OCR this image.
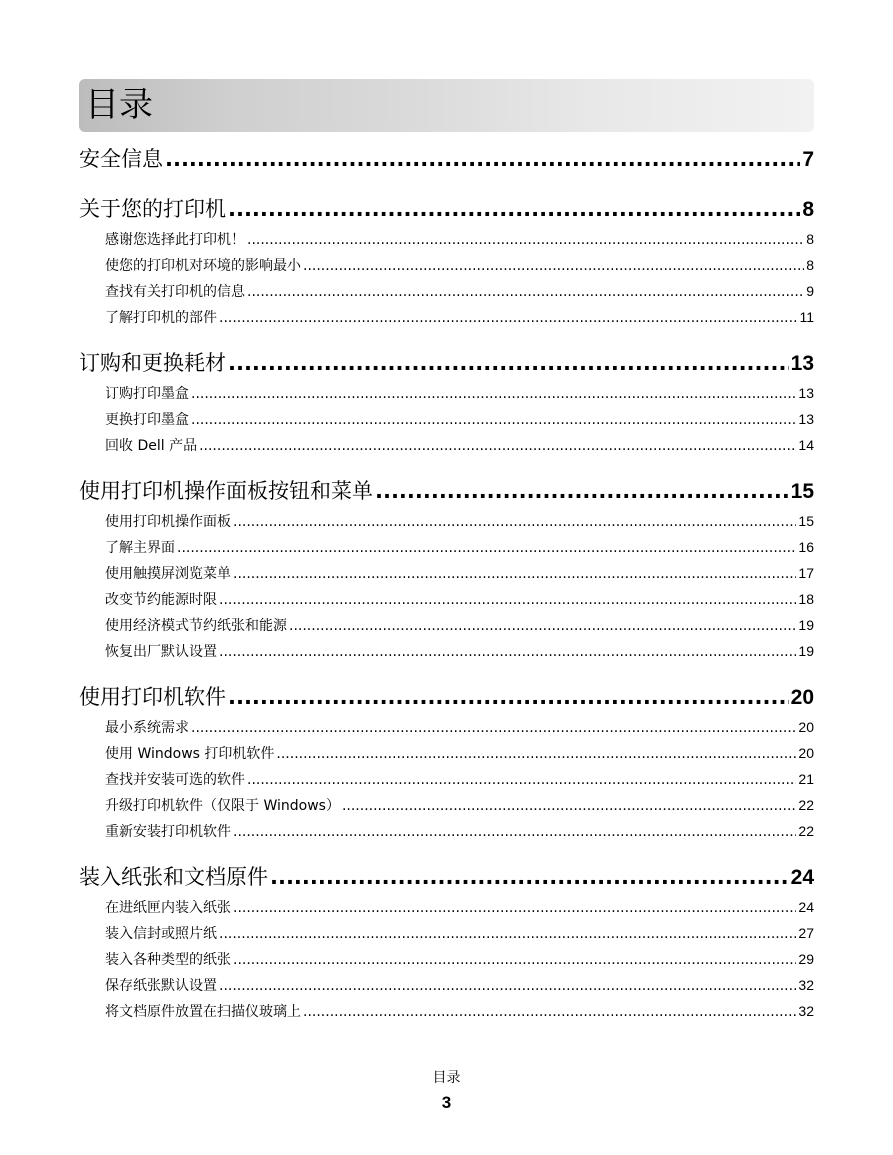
目录
安全信息 .....	7
关于您的打印机 .....	8
感谢您选择此打印机！ .....	8
使您的打印机对环境的影响最小 .....	8
查找有关打印机的信息 .....	9
了解打印机的部件 .....	11
订购和更换耗材 .....	13
订购打印墨盒 .....	13
更换打印墨盒 .....	13
回收 Dell 产品 .....	14
使用打印机操作面板按钮和菜单 .....	15
使用打印机操作面板 .....	15
了解主界面 .....	16
使用触摸屏浏览菜单 .....	17
改变节约能源时限 .....	18
使用经济模式节约纸张和能源 .....	19
恢复出厂默认设置 .....	19
使用打印机软件 .....	20
最小系统需求 .....	20
使用 Windows 打印机软件 .....	20
查找并安装可选的软件 .....	21
升级打印机软件（仅限于 Windows） .....	22
重新安装打印机软件 .....	22
装入纸张和文档原件 .....	24
在进纸匣内装入纸张 .....	24
装入信封或照片纸 .....	27
装入各种类型的纸张 .....	29
保存纸张默认设置 .....	32
将文档原件放置在扫描仪玻璃上 .....	32
目录
3
